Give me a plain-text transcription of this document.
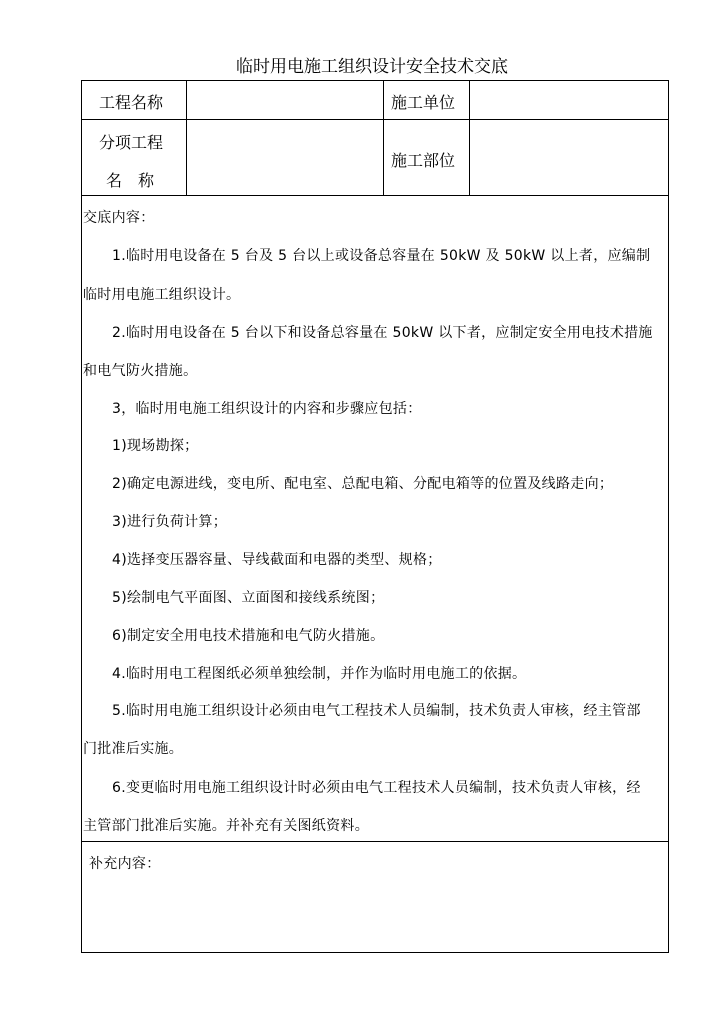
临时用电施工组织设计安全技术交底
工程名称	施工单位
分项工程
名　称
施工部位
交底内容：
1.临时用电设备在 5 台及 5 台以上或设备总容量在 50kW 及 50kW 以上者，应编制
临时用电施工组织设计。
2.临时用电设备在 5 台以下和设备总容量在 50kW 以下者，应制定安全用电技术措施
和电气防火措施。
3，临时用电施工组织设计的内容和步骤应包括：
1)现场勘探；
2)确定电源进线，变电所、配电室、总配电箱、分配电箱等的位置及线路走向；
3)进行负荷计算；
4)选择变压器容量、导线截面和电器的类型、规格；
5)绘制电气平面图、立面图和接线系统图；
6)制定安全用电技术措施和电气防火措施。
4.临时用电工程图纸必须单独绘制，并作为临时用电施工的依据。
5.临时用电施工组织设计必须由电气工程技术人员编制，技术负责人审核，经主管部
门批准后实施。
6.变更临时用电施工组织设计时必须由电气工程技术人员编制，技术负责人审核，经
主管部门批准后实施。并补充有关图纸资料。
补充内容：
